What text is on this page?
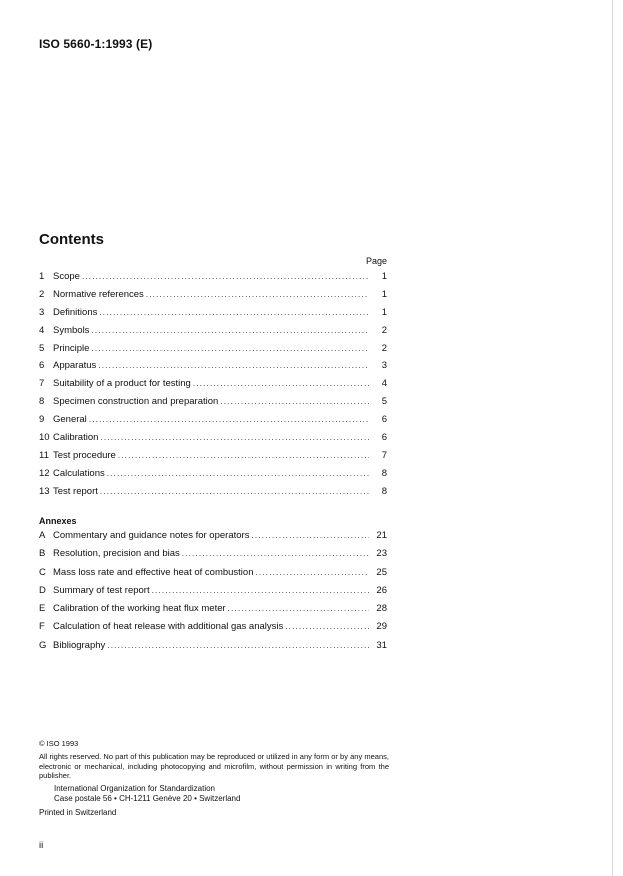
ISO 5660-1:1993 (E)
Contents
Page
1 Scope .....	1
2 Normative references .....	1
3 Definitions .....	1
4 Symbols .....	2
5 Principle .....	2
6 Apparatus .....	3
7 Suitability of a product for testing .....	4
8 Specimen construction and preparation .....	5
9 General .....	6
10 Calibration .....	6
11 Test procedure .....	7
12 Calculations .....	8
13 Test report .....	8
Annexes
A Commentary and guidance notes for operators .....	21
B Resolution, precision and bias .....	23
C Mass loss rate and effective heat of combustion .....	25
D Summary of test report .....	26
E Calibration of the working heat flux meter .....	28
F Calculation of heat release with additional gas analysis .....	29
G Bibliography .....	31
© ISO 1993
All rights reserved. No part of this publication may be reproduced or utilized in any form or by any means, electronic or mechanical, including photocopying and microfilm, without permission in writing from the publisher.
International Organization for Standardization
Case postale 56 • CH-1211 Genève 20 • Switzerland
Printed in Switzerland
ii
